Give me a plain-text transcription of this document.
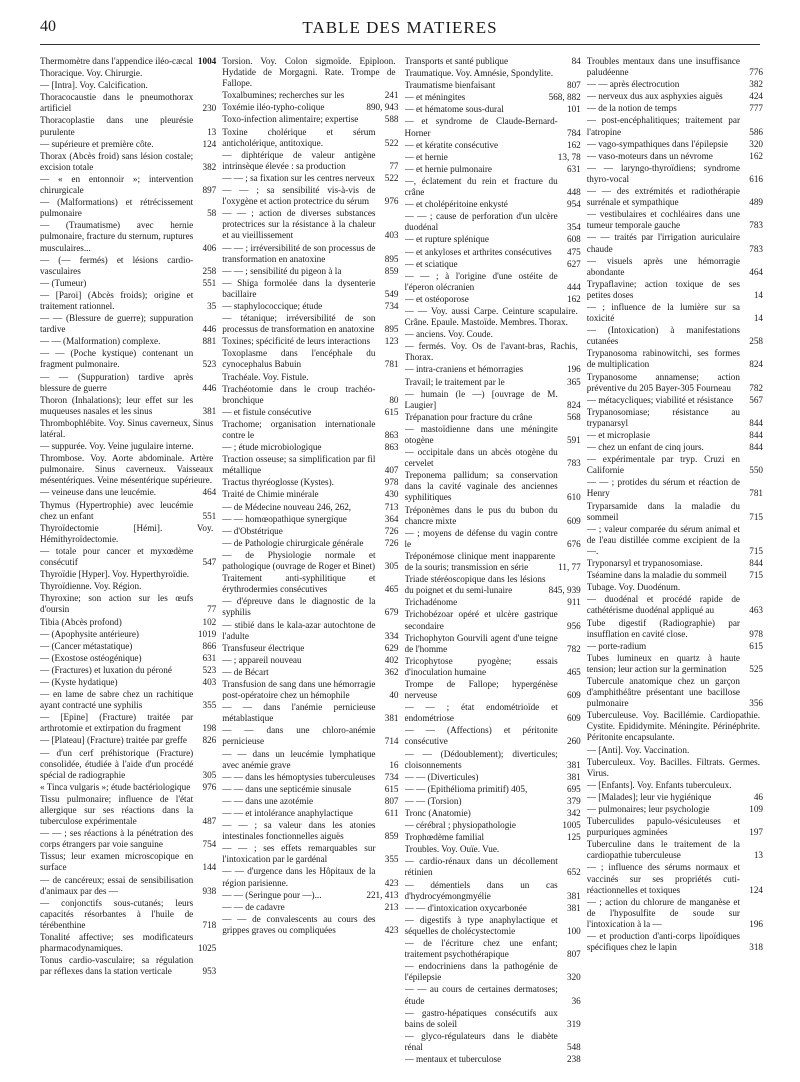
40	TABLE DES MATIERES
Thermomètre dans l'appendice iléo-cæcal 1004
Thoracique. Voy. Chirurgie.
— [Intra]. Voy. Calcification.
Thoracocaustie dans le pneumothorax artificiel	230
Thoracoplastie dans une pleurésie purulente	13
— supérieure et première côte.	124
Thorax (Abcès froid) sans lésion costale; excision totale	382
— « en entonnoir »; intervention chirurgicale	897
— (Malformations) et rétrécissement pulmonaire	58
— (Traumatisme) avec hernie pulmonaire, fracture du sternum, ruptures musculaires...	406
— (— fermés) et lésions cardio-vasculaires	258
— (Tumeur)	551
— [Paroi] (Abcès froids); origine et traitement rationnel.	35
— — (Blessure de guerre); suppuration tardive	446
— — (Malformation) complexe.	881
— — (Poche kystique) contenant un fragment pulmonaire.	523
— — (Suppuration) tardive après blessure de guerre	446
Thoron (Inhalations); leur effet sur les muqueuses nasales et les sinus	381
Thrombophlébite. Voy. Sinus caverneux, Sinus latéral.
— suppurée. Voy. Veine jugulaire interne.
Thrombose. Voy. Aorte abdominale. Artère pulmonaire. Sinus caverneux. Vaisseaux mésentériques. Veine mésentérique supérieure.
— veineuse dans une leucémie.	464
Thymus (Hypertrophie) avec leucémie chez un enfant	551
Thyroïdectomie [Hémi]. Voy. Hémithyroïdectomie.
— totale pour cancer et myxœdème consécutif	547
Thyroïdie [Hyper]. Voy. Hyperthyroïdie.
Thyroïdienne. Voy. Région.
Thyroxine; son action sur les œufs d'oursin	77
Tibia (Abcès profond)	102
— (Apophysite antérieure)	1019
— (Cancer métastatique)	866
— (Exostose ostéogénique)	631
— (Fractures) et luxation du péroné	523
— (Kyste hydatique)	403
— en lame de sabre chez un rachitique ayant contracté une syphilis	355
— [Epine] (Fracture) traitée par arthrotomie et extirpation du fragment	198
— [Plateau] (Fracture) traitée par greffe	826
— d'un cerf préhistorique (Fracture) consolidée, étudiée à l'aide d'un procédé spécial de radiographie	305
« Tinca vulgaris »; étude bactériologique	976
Tissu pulmonaire; influence de l'état allergique sur ses réactions dans la tuberculose expérimentale	487
— — ; ses réactions à la pénétration des corps étrangers par voie sanguine	754
Tissus; leur examen microscopique en surface	144
— de cancéreux; essai de sensibilisation d'animaux par des —	938
— conjonctifs sous-cutanés; leurs capacités résorbantes à l'huile de térébenthine	718
Tonalité affective; ses modificateurs pharmacodynamiques.	1025
Tonus cardio-vasculaire; sa régulation par réflexes dans la station verticale	953
Torsion. Voy. Colon sigmoïde. Epiploon. Hydatide de Morgagni. Rate. Trompe de Fallope.
Toxalbumines; recherches sur les	241
Toxémie iléo-typho-colique	890, 943
Toxo-infection alimentaire; expertise	588
Toxine cholérique et sérum anticholérique, antitoxique.	522
— diphtérique de valeur antigène intrinsèque élevée : sa production	77
— — ; sa fixation sur les centres nerveux	522
— — ; sa sensibilité vis-à-vis de l'oxygène et action protectrice du sérum	976
— — ; action de diverses substances protectrices sur la résistance à la chaleur et au vieillissement	403
— — ; irréversibilité de son processus de transformation en anatoxine	895
— — ; sensibilité du pigeon à la	859
— Shiga formolée dans la dysenterie bacillaire	549
— staphylococcique; étude	734
— tétanique; irréversibilité de son processus de transformation en anatoxine	895
Toxines; spécificité de leurs interactions	123
Toxoplasme dans l'encéphale du cynocephalus Babuin	781
Trachéale. Voy. Fistule.
Trachéotomie dans le croup trachéo-bronchique	80
— et fistule consécutive	615
Trachome; organisation internationale contre le	863
— ; étude microbiologique	863
Traction osseuse; sa simplification par fil métallique	407
Tractus thyréoglosse (Kystes).	978
Traité de Chimie minérale	430
— de Médecine nouveau 246, 262,	713
— — homœopathique synergique	364
— d'Obstétrique	726
— de Pathologie chirurgicale générale	726
— de Physiologie normale et pathologique (ouvrage de Roger et Binet)	305
Traitement anti-syphilitique et érythrodermies consécutives	465
— d'épreuve dans le diagnostic de la syphilis	679
— stibié dans le kala-azar autochtone de l'adulte	334
Transfuseur électrique	629
— ; appareil nouveau	402
— de Bécart	362
Transfusion de sang dans une hémorragie post-opératoire chez un hémophile	40
— — dans l'anémie pernicieuse métablastique	381
— — dans une chloro-anémie pernicieuse	714
— — dans un leucémie lymphatique avec anémie grave	16
— — dans les hémoptysies tuberculeuses	734
— — dans une septicémie sinusale	615
— — dans une azotémie	807
— — et intolérance anaphylactique	611
— — ; sa valeur dans les atonies intestinales fonctionnelles aiguës	859
— — ; ses effets remarquables sur l'intoxication par le gardénal	355
— — d'urgence dans les Hôpitaux de la région parisienne.	423
— — (Seringue pour —)...	221, 413
— — de cadavre	213
— — de convalescents au cours des grippes graves ou compliquées	423
Transports et santé publique	84
Traumatique. Voy. Amnésie, Spondylite.
Traumatisme bienfaisant	807
— et méningites	568, 882
— et hématome sous-dural	101
— et syndrome de Claude-Bernard-Horner	784
— et kératite consécutive	162
— et hernie	13, 78
— et hernie pulmonaire	631
—, éclatement du rein et fracture du crâne	448
— et cholépéritoine enkysté	954
— — ; cause de perforation d'un ulcère duodénal	354
— et rupture splénique	608
— et ankyloses et arthrites consécutives	475
— et sciatique	627
— — ; à l'origine d'une ostéite de l'éperon olécranien	444
— et ostéoporose	162
— — Voy. aussi Carpe. Ceinture scapulaire. Crâne. Epaule. Mastoïde. Membres. Thorax.
— anciens. Voy. Coude.
— fermés. Voy. Os de l'avant-bras, Rachis, Thorax.
— intra-craniens et hémorragies	196
Travail; le traitement par le	365
— humain (le —) [ouvrage de M. Laugier]	824
Trépanation pour fracture du crâne	568
— mastoïdienne dans une méningite otogène	591
— occipitale dans un abcès otogène du cervelet	783
Treponema pallidum; sa conservation dans la cavité vaginale des anciennes syphilitiques	610
Tréponèmes dans le pus du bubon du chancre mixte	609
— ; moyens de défense du vagin contre le	676
Tréponémose clinique ment inapparente de la souris; transmission en série	11, 77
Triade stéréoscopique dans les lésions du poignet et du semi-lunaire	845, 939
Trichadénome	911
Trichobézoar opéré et ulcère gastrique secondaire	956
Trichophyton Gourvili agent d'une teigne de l'homme	782
Tricophytose pyogène; essais d'inoculation humaine	465
Trompe de Fallope; hypergénèse nerveuse	609
— — ; état endométrioïde et endométriose	609
— — (Affections) et péritonite consécutive	260
— — (Dédoublement); diverticules; cloisonnements	381
— — (Diverticules)	381
— — (Epithélioma primitif) 405,	695
— — (Torsion)	379
Tronc (Anatomie)	342
— cérébral ; physiopathologie	1005
Trophœdème familial	125
Troubles. Voy. Ouïe. Vue.
— cardio-rénaux dans un décollement rétinien	652
— démentiels dans un cas d'hydrocyémongmyélie	381
— — d'intoxication oxycarbonée	381
— digestifs à type anaphylactique et séquelles de cholécystectomie	100
— de l'écriture chez une enfant; traitement psychothérapique	807
— endocriniens dans la pathogénie de l'épilepsie	320
— — au cours de certaines dermatoses; étude	36
— gastro-hépatiques consécutifs aux bains de soleil	319
— glyco-régulateurs dans le diabète rénal	548
— mentaux et tuberculose	238
Troubles mentaux dans une insuffisance paludéenne	776
— — après électrocution	382
— nerveux dus aux asphyxies aiguës	424
— de la notion de temps	777
— post-encéphalitiques; traitement par l'atropine	586
— vago-sympathiques dans l'épilepsie	320
— vaso-moteurs dans un névrome	162
— — laryngo-thyroïdiens; syndrome thyro-vocal	616
— — des extrémités et radiothérapie surrénale et sympathique	489
— vestibulaires et cochléaires dans une tumeur temporale gauche	783
— — traités par l'irrigation auriculaire chaude	783
— visuels après une hémorragie abondante	464
Trypaflavine; action toxique de ses petites doses	14
— ; influence de la lumière sur sa toxicité	14
— (Intoxication) à manifestations cutanées	258
Trypanosoma rabinowitchi, ses formes de multiplication	824
Trypanosome annamense; action préventive du 205 Bayer-305 Fourneau	782
— métacycliques; viabilité et résistance	567
Trypanosomiase; résistance au trypanarsyl	844
— et microplasie	844
— chez un enfant de cinq jours.	844
— expérimentale par tryp. Cruzi en Californie	550
— — ; protides du sérum et réaction de Henry	781
Tryparsamide dans la maladie du sommeil	715
— ; valeur comparée du sérum animal et de l'eau distillée comme excipient de la —.	715
Tryponarsyl et trypanosomiase.	844
Tséamine dans la maladie du sommeil	715
Tubage. Voy. Duodénum.
— duodénal et procédé rapide de cathétérisme duodénal appliqué au	463
Tube digestif (Radiographie) par insufflation en cavité close.	978
— porte-radium	615
Tubes lumineux en quartz à haute tension; leur action sur la germination	525
Tubercule anatomique chez un garçon d'amphithéâtre présentant une bacillose pulmonaire	356
Tuberculeuse. Voy. Bacillémie. Cardiopathie. Cystite. Epididymite. Méningite. Périnéphrite. Péritonite encapsulante.
— [Anti]. Voy. Vaccination.
Tuberculeux. Voy. Bacilles. Filtrats. Germes. Virus.
— [Enfants]. Voy. Enfants tuberculeux.
— [Malades]; leur vie hygiénique	46
— pulmonaires; leur psychologie	109
Tuberculides papulo-vésiculeuses et purpuriques agminées	197
Tuberculine dans le traitement de la cardiopathie tuberculeuse	13
— ; influence des sérums normaux et vaccinés sur ses propriétés cuti-réactionnelles et toxiques	124
— ; action du chlorure de manganèse et de l'hyposulfite de soude sur l'intoxication à la —	196
— et production d'anti-corps lipoïdiques spécifiques chez le lapin	318
